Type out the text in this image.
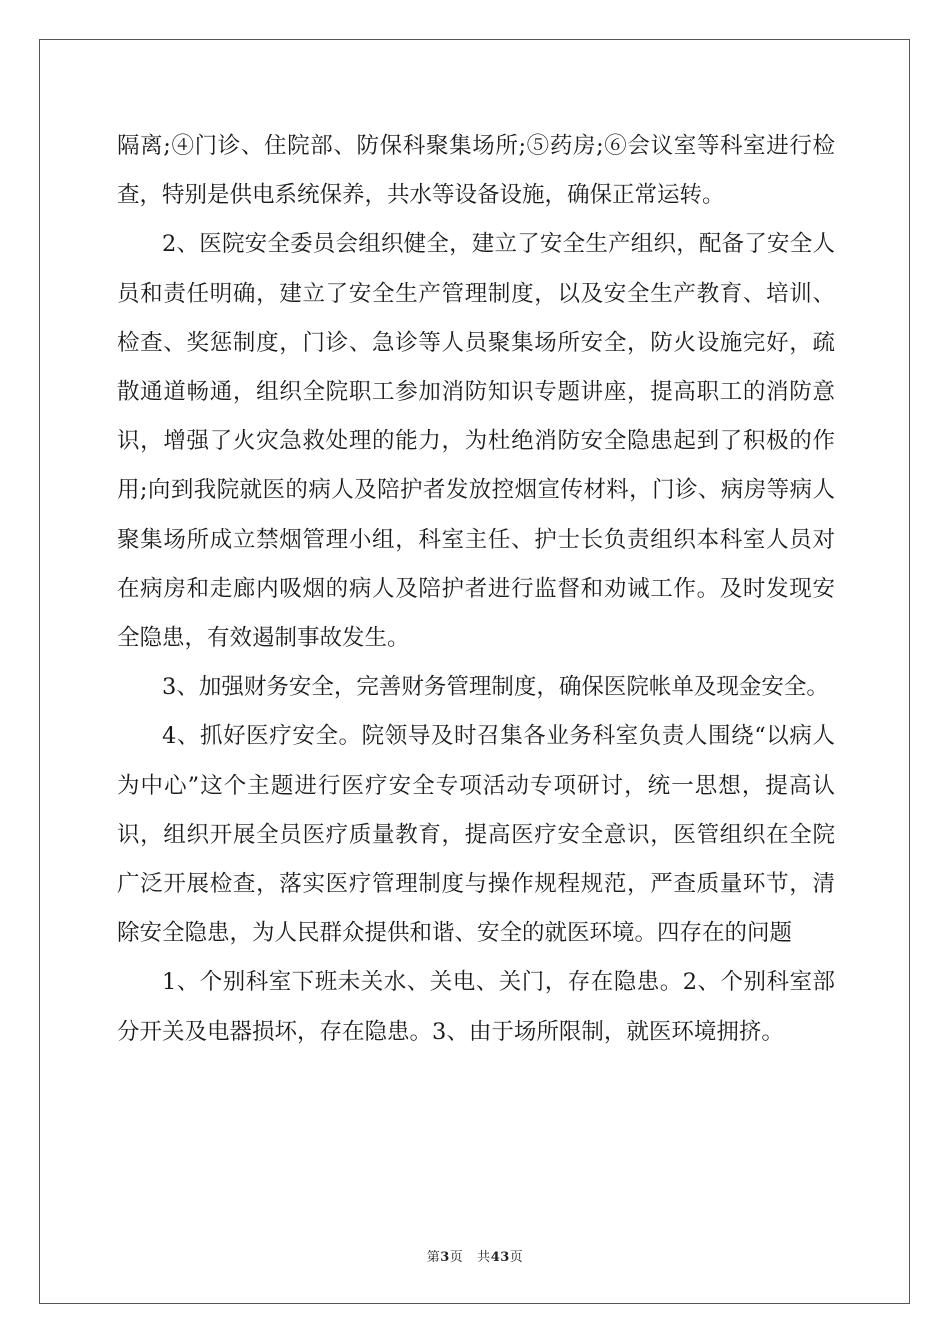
隔离;④门诊、住院部、防保科聚集场所;⑤药房;⑥会议室等科室进行检查，特别是供电系统保养，共水等设备设施，确保正常运转。

2、医院安全委员会组织健全，建立了安全生产组织，配备了安全人员和责任明确，建立了安全生产管理制度，以及安全生产教育、培训、检查、奖惩制度，门诊、急诊等人员聚集场所安全，防火设施完好，疏散通道畅通，组织全院职工参加消防知识专题讲座，提高职工的消防意识，增强了火灾急救处理的能力，为杜绝消防安全隐患起到了积极的作用;向到我院就医的病人及陪护者发放控烟宣传材料，门诊、病房等病人聚集场所成立禁烟管理小组，科室主任、护士长负责组织本科室人员对在病房和走廊内吸烟的病人及陪护者进行监督和劝诫工作。及时发现安全隐患，有效遏制事故发生。

3、加强财务安全，完善财务管理制度，确保医院帐单及现金安全。

4、抓好医疗安全。院领导及时召集各业务科室负责人围绕“以病人为中心”这个主题进行医疗安全专项活动专项研讨，统一思想，提高认识，组织开展全员医疗质量教育，提高医疗安全意识，医管组织在全院广泛开展检查，落实医疗管理制度与操作规程规范，严查质量环节，清除安全隐患，为人民群众提供和谐、安全的就医环境。四存在的问题

1、个别科室下班未关水、关电、关门，存在隐患。2、个别科室部分开关及电器损坏，存在隐患。3、由于场所限制，就医环境拥挤。

第3页 共43页
